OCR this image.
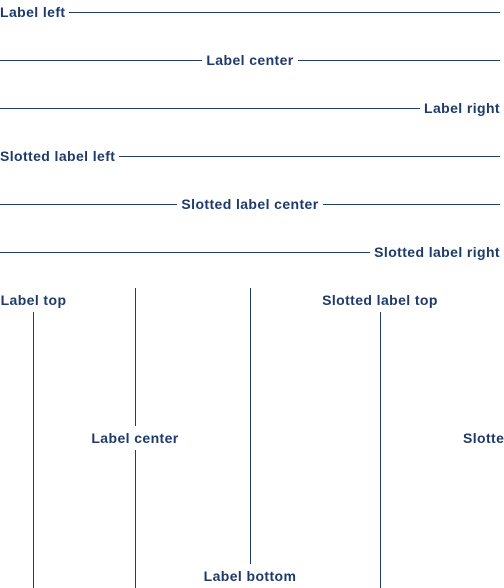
Label left
Label center
Label right
Slotted label left
Slotted label center
Slotted label right
Label top
Label center
Label bottom
Slotted label top
Slotte
